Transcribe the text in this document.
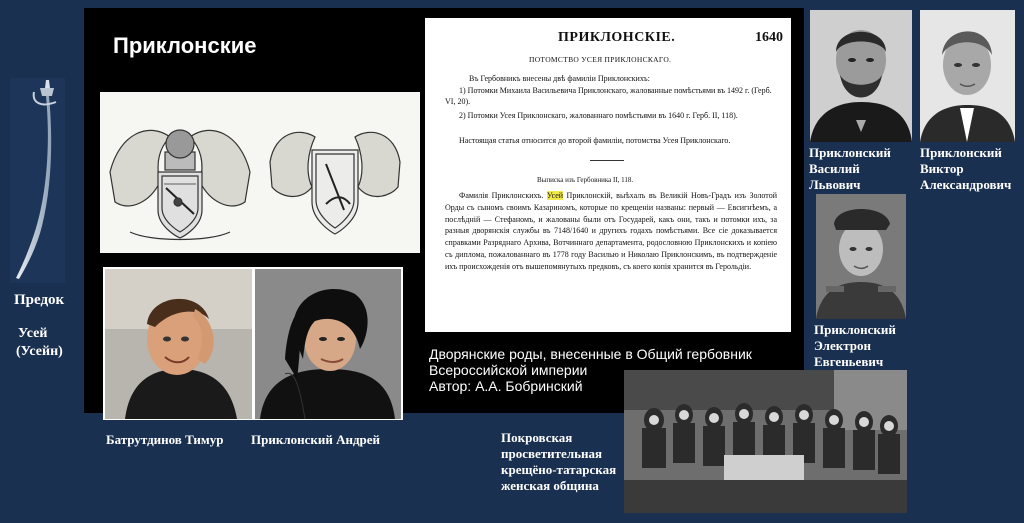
Предок
Усей
(Усейн)
Приклонские
Батрутдинов Тимур Приклонский Андрей
ПРИКЛОНСКІЕ.	1640
ПОТОМСТВО УСЕЯ ПРИКЛОНСКАГО.

Въ Гербовникъ внесены двѣ фамиліи Приклонскихъ:

1) Потомки Михаила Васильевича Приклонскаго, жалованные помѣстьями въ 1492 г. (Герб. VI, 20).

2) Потомки Усея Приклонскаго, жалованнаго помѣстьями въ 1640 г. Герб. II, 118).

Настоящая статья относится до второй фамиліи, потомства Усея Приклонскаго.

Выписка изъ Гербовника II, 118.

Фамилія Приклонскихъ. Усей Приклонскій, выѣхалъ въ Великій Новъ-Градъ изъ Золотой Орды съ сыномъ своимъ Казариномъ, которые по крещеніи названы: первый — Евсигнѣемъ, а послѣдній — Стефаномъ, и жалованы были отъ Государей, какъ они, такъ и потомки ихъ, за разныя дворянскія службы въ 7148/1640 и другихъ годахъ помѣстьями. Все сіе доказывается справками Разряднаго Архива, Вотчиннаго департамента, родословною Приклонскихъ и копіею съ диплома, пожалованнаго въ 1778 году Василью и Николаю Приклонскимъ, въ подтвержденіе ихъ происхожденія отъ вышепомянутыхъ предковъ, съ коего копія хранится въ Герольдіи.

Дворянские роды, внесенные в Общий гербовник
Всероссийской империи
Автор: А.А. Бобринский
Приклонский
Василий
Львович
Приклонский
Виктор
Александрович
Приклонский
Электрон
Евгеньевич
Покровская
просветительная
крещёно-татарская
женская община
